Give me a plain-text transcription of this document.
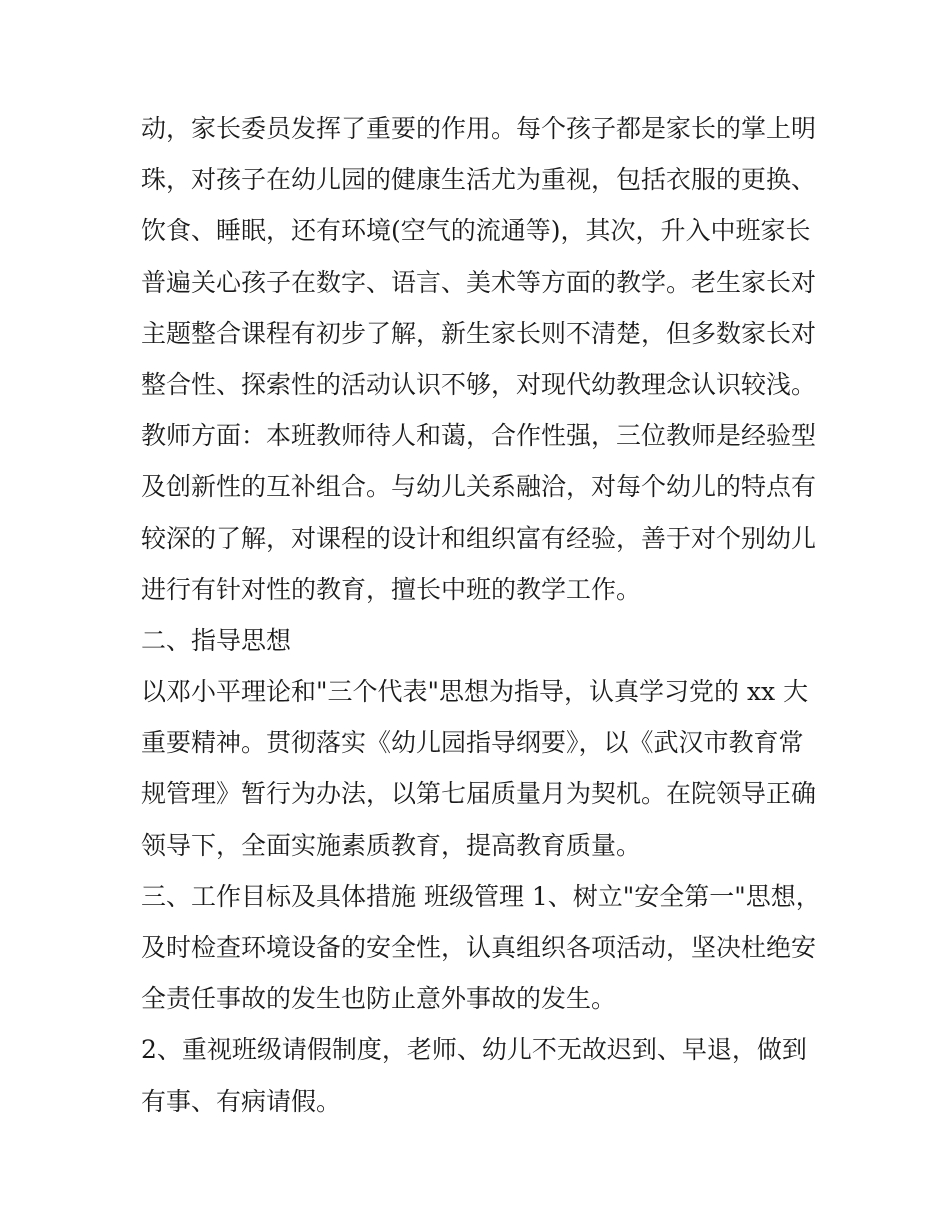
动，家长委员发挥了重要的作用。每个孩子都是家长的掌上明
珠，对孩子在幼儿园的健康生活尤为重视，包括衣服的更换、
饮食、睡眠，还有环境(空气的流通等)，其次，升入中班家长
普遍关心孩子在数字、语言、美术等方面的教学。老生家长对
主题整合课程有初步了解，新生家长则不清楚，但多数家长对
整合性、探索性的活动认识不够，对现代幼教理念认识较浅。
教师方面：本班教师待人和蔼，合作性强，三位教师是经验型
及创新性的互补组合。与幼儿关系融洽，对每个幼儿的特点有
较深的了解，对课程的设计和组织富有经验，善于对个别幼儿
进行有针对性的教育，擅长中班的教学工作。
二、指导思想
以邓小平理论和"三个代表"思想为指导，认真学习党的 xx 大
重要精神。贯彻落实《幼儿园指导纲要》，以《武汉市教育常
规管理》暂行为办法，以第七届质量月为契机。在院领导正确
领导下，全面实施素质教育，提高教育质量。
三、工作目标及具体措施 班级管理 1、树立"安全第一"思想，
及时检查环境设备的安全性，认真组织各项活动，坚决杜绝安
全责任事故的发生也防止意外事故的发生。
2、重视班级请假制度，老师、幼儿不无故迟到、早退，做到
有事、有病请假。
